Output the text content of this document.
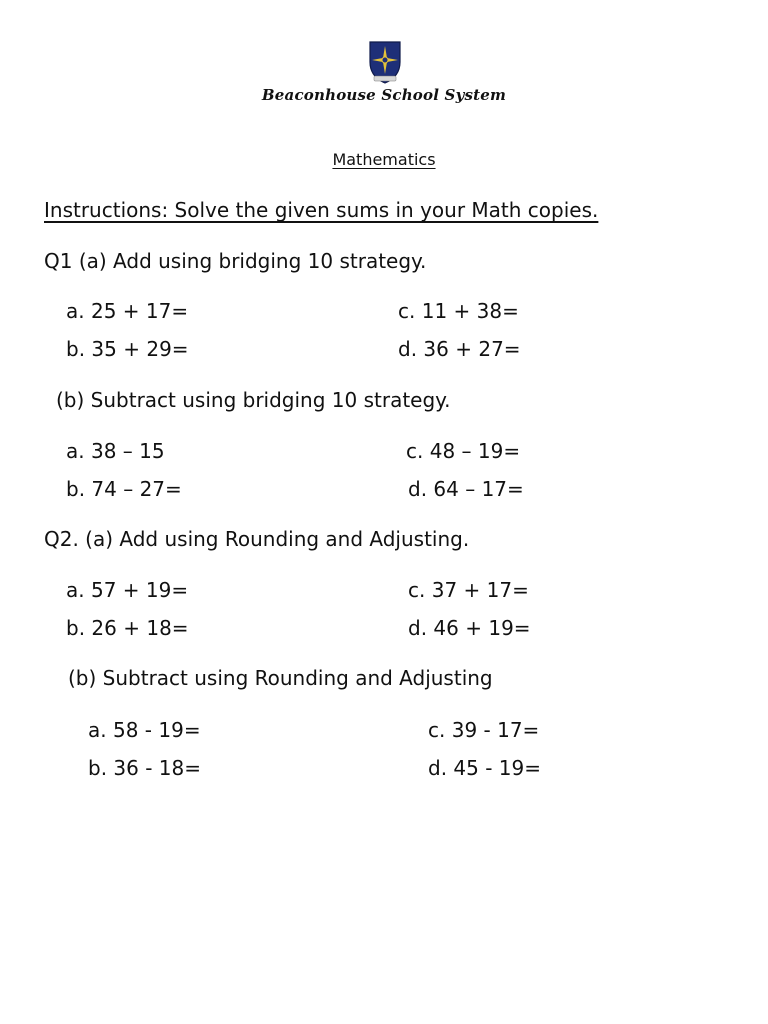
Beaconhouse School System
Mathematics
Instructions: Solve the given sums in your Math copies.
Q1 (a) Add using bridging 10 strategy.
a. 25 + 17=	c. 11 + 38=
b. 35 + 29=	d. 36 + 27=
(b) Subtract using bridging 10 strategy.
a. 38 – 15	c. 48 – 19=
b. 74 – 27=	d. 64 – 17=
Q2. (a) Add using Rounding and Adjusting.
a. 57 + 19=	c. 37 + 17=
b. 26 + 18=	d. 46 + 19=
(b) Subtract using Rounding and Adjusting
a. 58 - 19=	c. 39 - 17=
b. 36 - 18=	d. 45 - 19=
